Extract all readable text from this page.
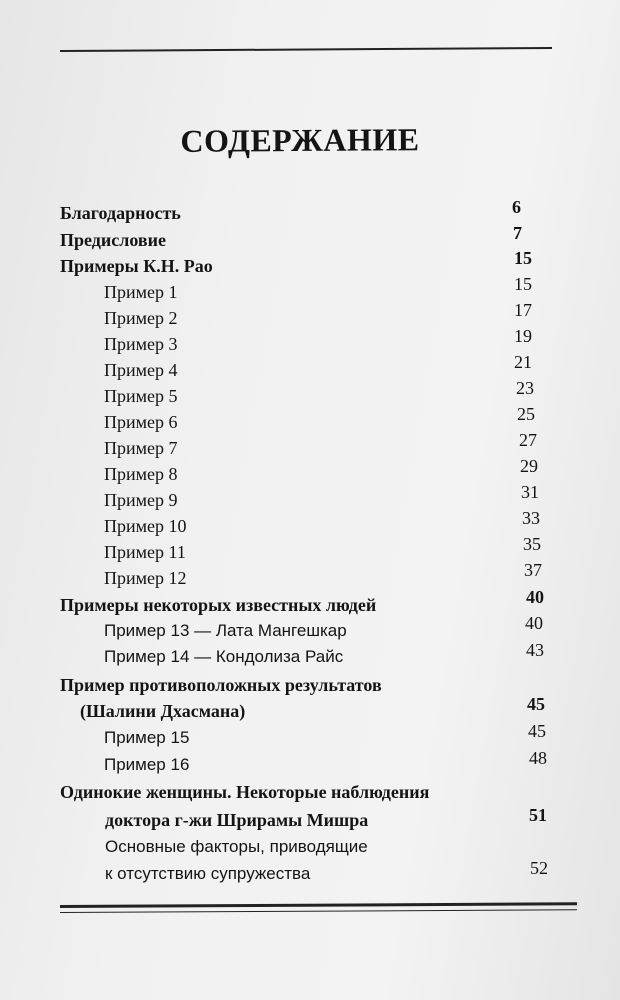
СОДЕРЖАНИЕ
Благодарность	6
Предисловие	7
Примеры К.Н. Рао	15
Пример 1	15
Пример 2	17
Пример 3	19
Пример 4	21
Пример 5	23
Пример 6	25
Пример 7	27
Пример 8	29
Пример 9	31
Пример 10	33
Пример 11	35
Пример 12	37
Примеры некоторых известных людей	40
Пример 13 — Лата Мангешкар	40
Пример 14 — Кондолиза Райс	43
Пример противоположных результатов
(Шалини Дхасмана)	45
Пример 15	45
Пример 16	48
Одинокие женщины. Некоторые наблюдения
доктора г-жи Шрирамы Мишра	51
Основные факторы, приводящие
к отсутствию супружества	52
